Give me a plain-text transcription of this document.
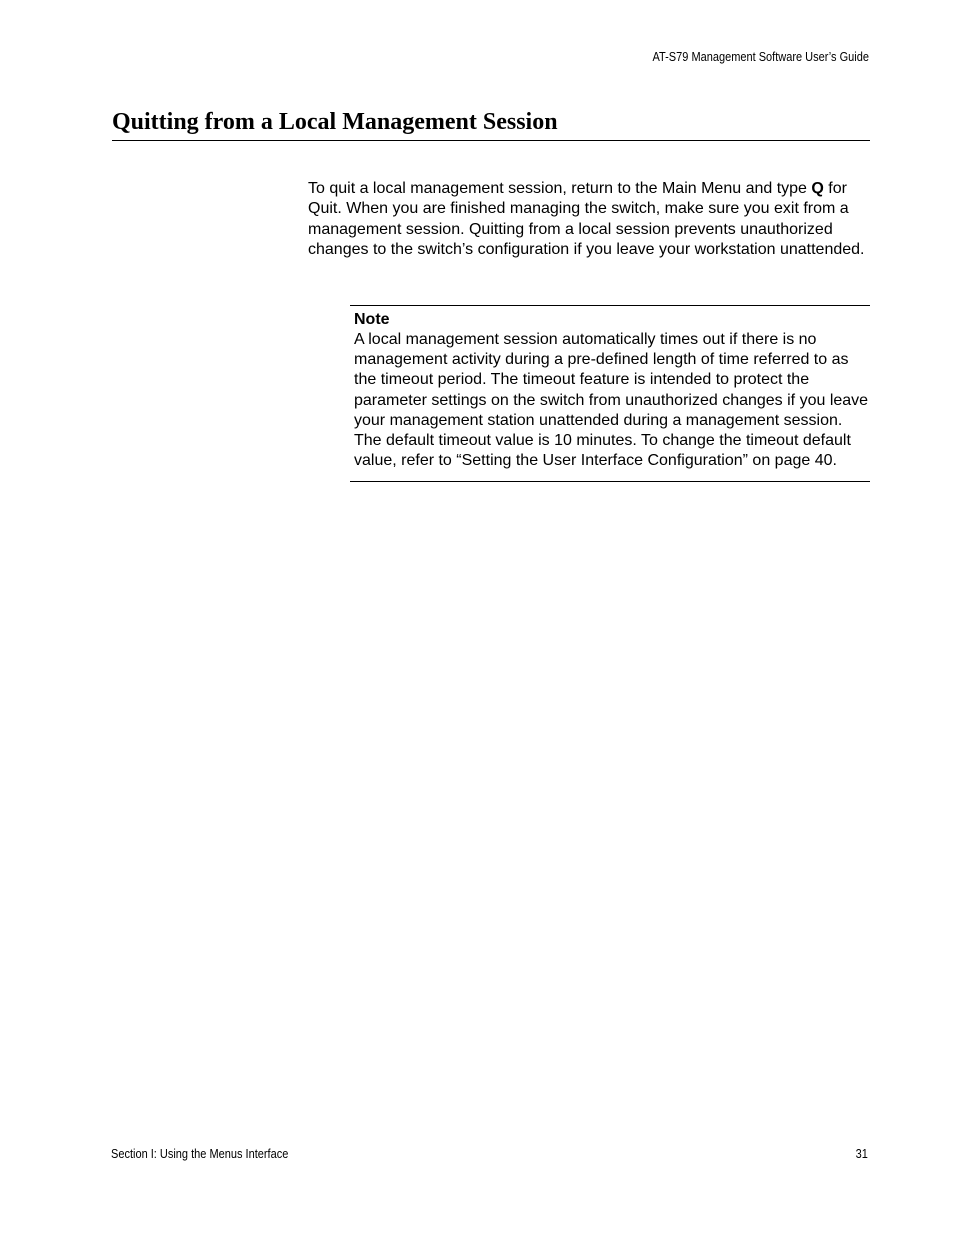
AT-S79 Management Software User’s Guide
Quitting from a Local Management Session

To quit a local management session, return to the Main Menu and type Q for Quit. When you are finished managing the switch, make sure you exit from a management session. Quitting from a local session prevents unauthorized changes to the switch’s configuration if you leave your workstation unattended.

Note

A local management session automatically times out if there is no management activity during a pre-defined length of time referred to as the timeout period. The timeout feature is intended to protect the parameter settings on the switch from unauthorized changes if you leave your management station unattended during a management session. The default timeout value is 10 minutes. To change the timeout default value, refer to “Setting the User Interface Configuration” on page 40.

Section I: Using the Menus Interface	31
